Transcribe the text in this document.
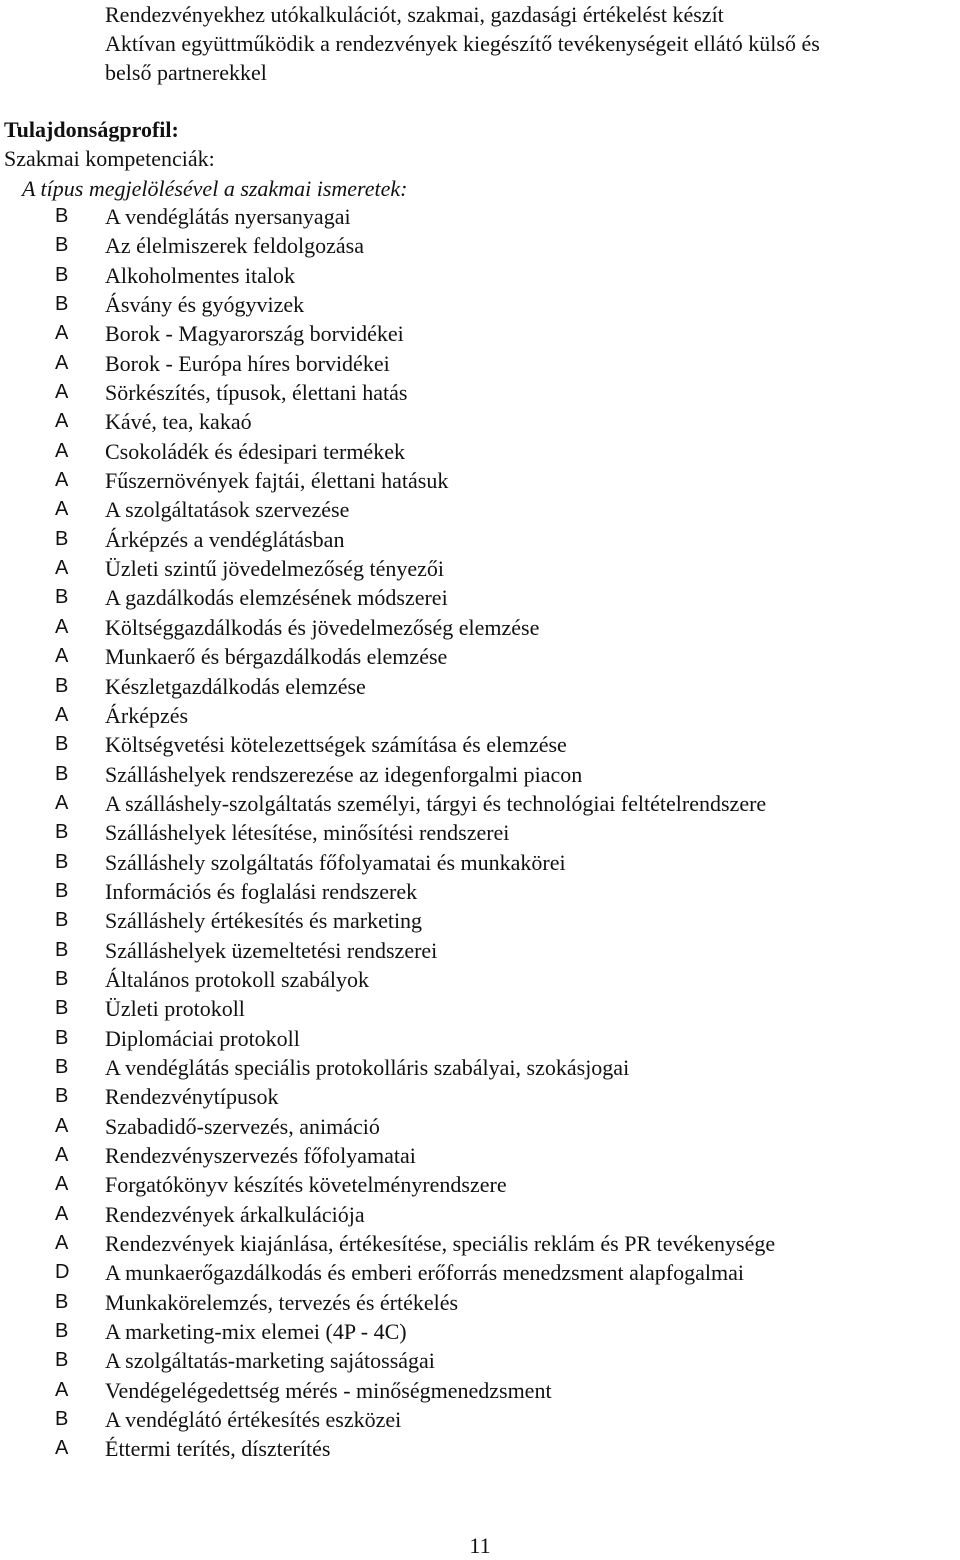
Rendezvényekhez utókalkulációt, szakmai, gazdasági értékelést készít
Aktívan együttműködik a rendezvények kiegészítő tevékenységeit ellátó külső és
belső partnerekkel
Tulajdonságprofil:
Szakmai kompetenciák:
A típus megjelölésével a szakmai ismeretek:
B A vendéglátás nyersanyagai
B Az élelmiszerek feldolgozása
B Alkoholmentes italok
B Ásvány és gyógyvizek
A Borok - Magyarország borvidékei
A Borok - Európa híres borvidékei
A Sörkészítés, típusok, élettani hatás
A Kávé, tea, kakaó
A Csokoládék és édesipari termékek
A Fűszernövények fajtái, élettani hatásuk
A A szolgáltatások szervezése
B Árképzés a vendéglátásban
A Üzleti szintű jövedelmezőség tényezői
B A gazdálkodás elemzésének módszerei
A Költséggazdálkodás és jövedelmezőség elemzése
A Munkaerő és bérgazdálkodás elemzése
B Készletgazdálkodás elemzése
A Árképzés
B Költségvetési kötelezettségek számítása és elemzése
B Szálláshelyek rendszerezése az idegenforgalmi piacon
A A szálláshely-szolgáltatás személyi, tárgyi és technológiai feltételrendszere
B Szálláshelyek létesítése, minősítési rendszerei
B Szálláshely szolgáltatás főfolyamatai és munkakörei
B Információs és foglalási rendszerek
B Szálláshely értékesítés és marketing
B Szálláshelyek üzemeltetési rendszerei
B Általános protokoll szabályok
B Üzleti protokoll
B Diplomáciai protokoll
B A vendéglátás speciális protokolláris szabályai, szokásjogai
B Rendezvénytípusok
A Szabadidő-szervezés, animáció
A Rendezvényszervezés főfolyamatai
A Forgatókönyv készítés követelményrendszere
A Rendezvények árkalkulációja
A Rendezvények kiajánlása, értékesítése, speciális reklám és PR tevékenysége
D A munkaerőgazdálkodás és emberi erőforrás menedzsment alapfogalmai
B Munkakörelemzés, tervezés és értékelés
B A marketing-mix elemei (4P - 4C)
B A szolgáltatás-marketing sajátosságai
A Vendégelégedettség mérés - minőségmenedzsment
B A vendéglátó értékesítés eszközei
A Éttermi terítés, díszterítés
11
